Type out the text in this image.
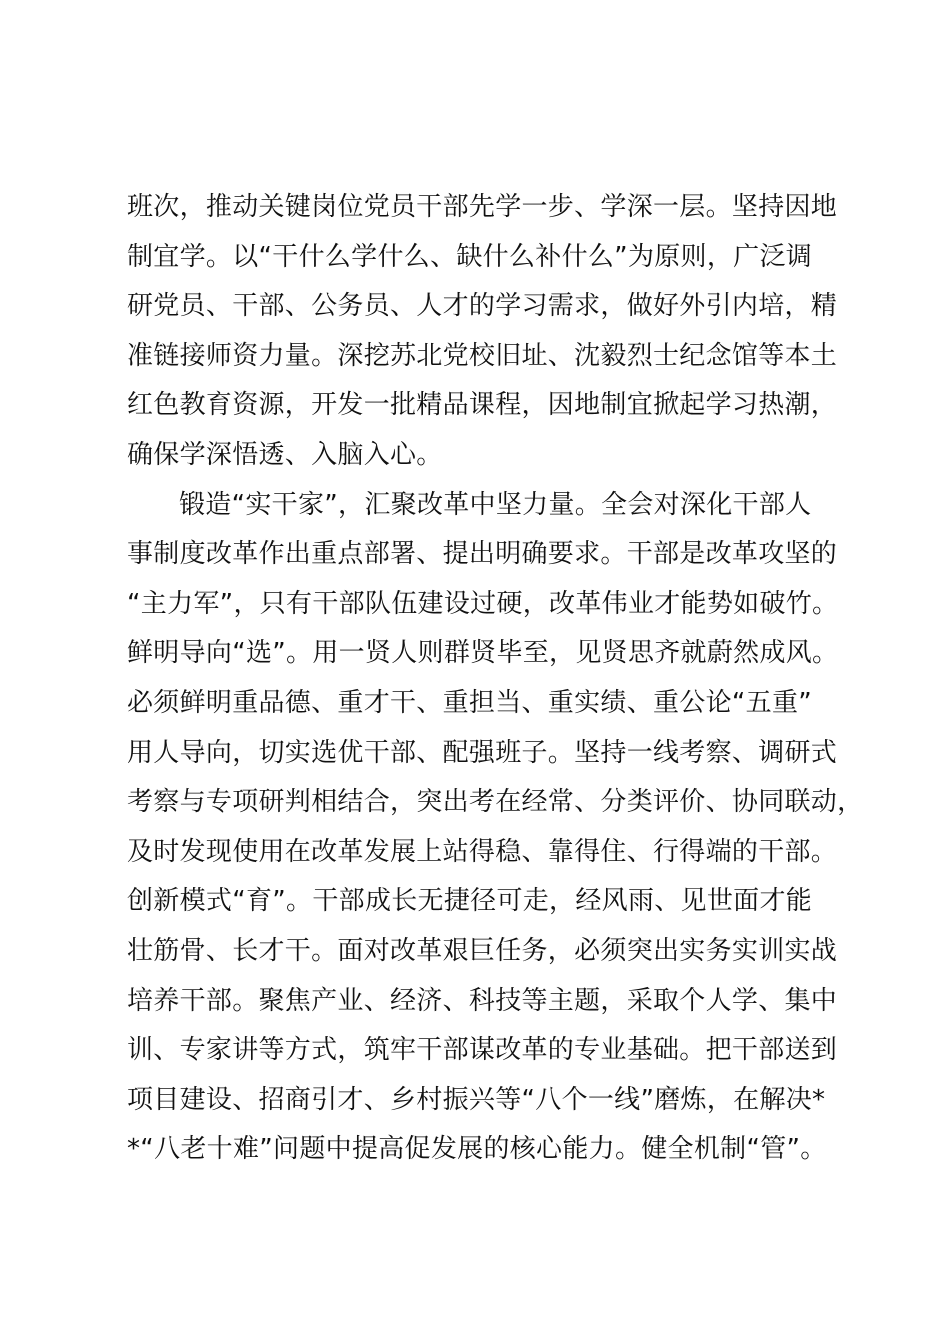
班次，推动关键岗位党员干部先学一步、学深一层。坚持因地
制宜学。以“干什么学什么、缺什么补什么”为原则，广泛调
研党员、干部、公务员、人才的学习需求，做好外引内培，精
准链接师资力量。深挖苏北党校旧址、沈毅烈士纪念馆等本土
红色教育资源，开发一批精品课程，因地制宜掀起学习热潮，
确保学深悟透、入脑入心。
锻造“实干家”，汇聚改革中坚力量。全会对深化干部人
事制度改革作出重点部署、提出明确要求。干部是改革攻坚的
“主力军”，只有干部队伍建设过硬，改革伟业才能势如破竹。
鲜明导向“选”。用一贤人则群贤毕至，见贤思齐就蔚然成风。
必须鲜明重品德、重才干、重担当、重实绩、重公论“五重”
用人导向，切实选优干部、配强班子。坚持一线考察、调研式
考察与专项研判相结合，突出考在经常、分类评价、协同联动，
及时发现使用在改革发展上站得稳、靠得住、行得端的干部。
创新模式“育”。干部成长无捷径可走，经风雨、见世面才能
壮筋骨、长才干。面对改革艰巨任务，必须突出实务实训实战
培养干部。聚焦产业、经济、科技等主题，采取个人学、集中
训、专家讲等方式，筑牢干部谋改革的专业基础。把干部送到
项目建设、招商引才、乡村振兴等“八个一线”磨炼，在解决*
*“八老十难”问题中提高促发展的核心能力。健全机制“管”。
